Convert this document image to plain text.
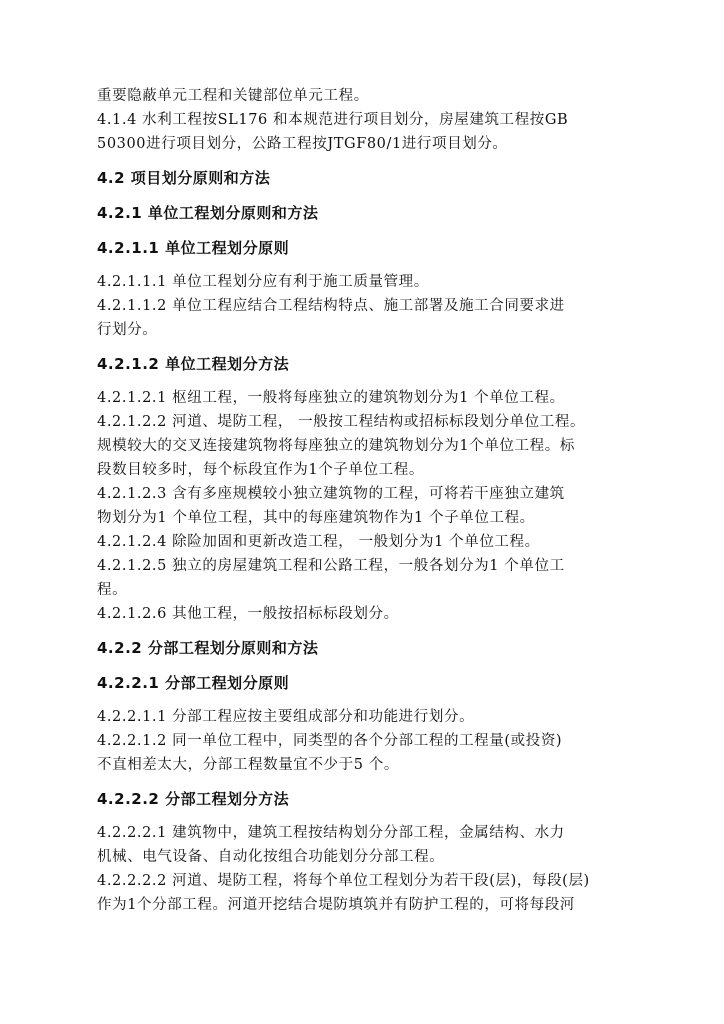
重要隐蔽单元工程和关键部位单元工程。

4.1.4 水利工程按SL176 和本规范进行项目划分，房屋建筑工程按GB

50300进行项目划分，公路工程按JTGF80/1进行项目划分。

4.2 项目划分原则和方法

4.2.1 单位工程划分原则和方法

4.2.1.1 单位工程划分原则

4.2.1.1.1 单位工程划分应有利于施工质量管理。

4.2.1.1.2 单位工程应结合工程结构特点、施工部署及施工合同要求进

行划分。

4.2.1.2 单位工程划分方法

4.2.1.2.1 枢纽工程，一般将每座独立的建筑物划分为1 个单位工程。

4.2.1.2.2 河道、堤防工程， 一般按工程结构或招标标段划分单位工程。

规模较大的交叉连接建筑物将每座独立的建筑物划分为1个单位工程。标

段数目较多时，每个标段宜作为1个子单位工程。

4.2.1.2.3 含有多座规模较小独立建筑物的工程，可将若干座独立建筑

物划分为1 个单位工程，其中的每座建筑物作为1 个子单位工程。

4.2.1.2.4 除险加固和更新改造工程， 一般划分为1 个单位工程。

4.2.1.2.5 独立的房屋建筑工程和公路工程，一般各划分为1 个单位工

程。

4.2.1.2.6 其他工程，一般按招标标段划分。

4.2.2 分部工程划分原则和方法

4.2.2.1 分部工程划分原则

4.2.2.1.1 分部工程应按主要组成部分和功能进行划分。

4.2.2.1.2 同一单位工程中，同类型的各个分部工程的工程量(或投资)

不直相差太大，分部工程数量宜不少于5 个。

4.2.2.2 分部工程划分方法

4.2.2.2.1 建筑物中，建筑工程按结构划分分部工程，金属结构、水力

机械、电气设备、自动化按组合功能划分分部工程。

4.2.2.2.2 河道、堤防工程，将每个单位工程划分为若干段(层)，每段(层)

作为1个分部工程。河道开挖结合堤防填筑并有防护工程的，可将每段河
